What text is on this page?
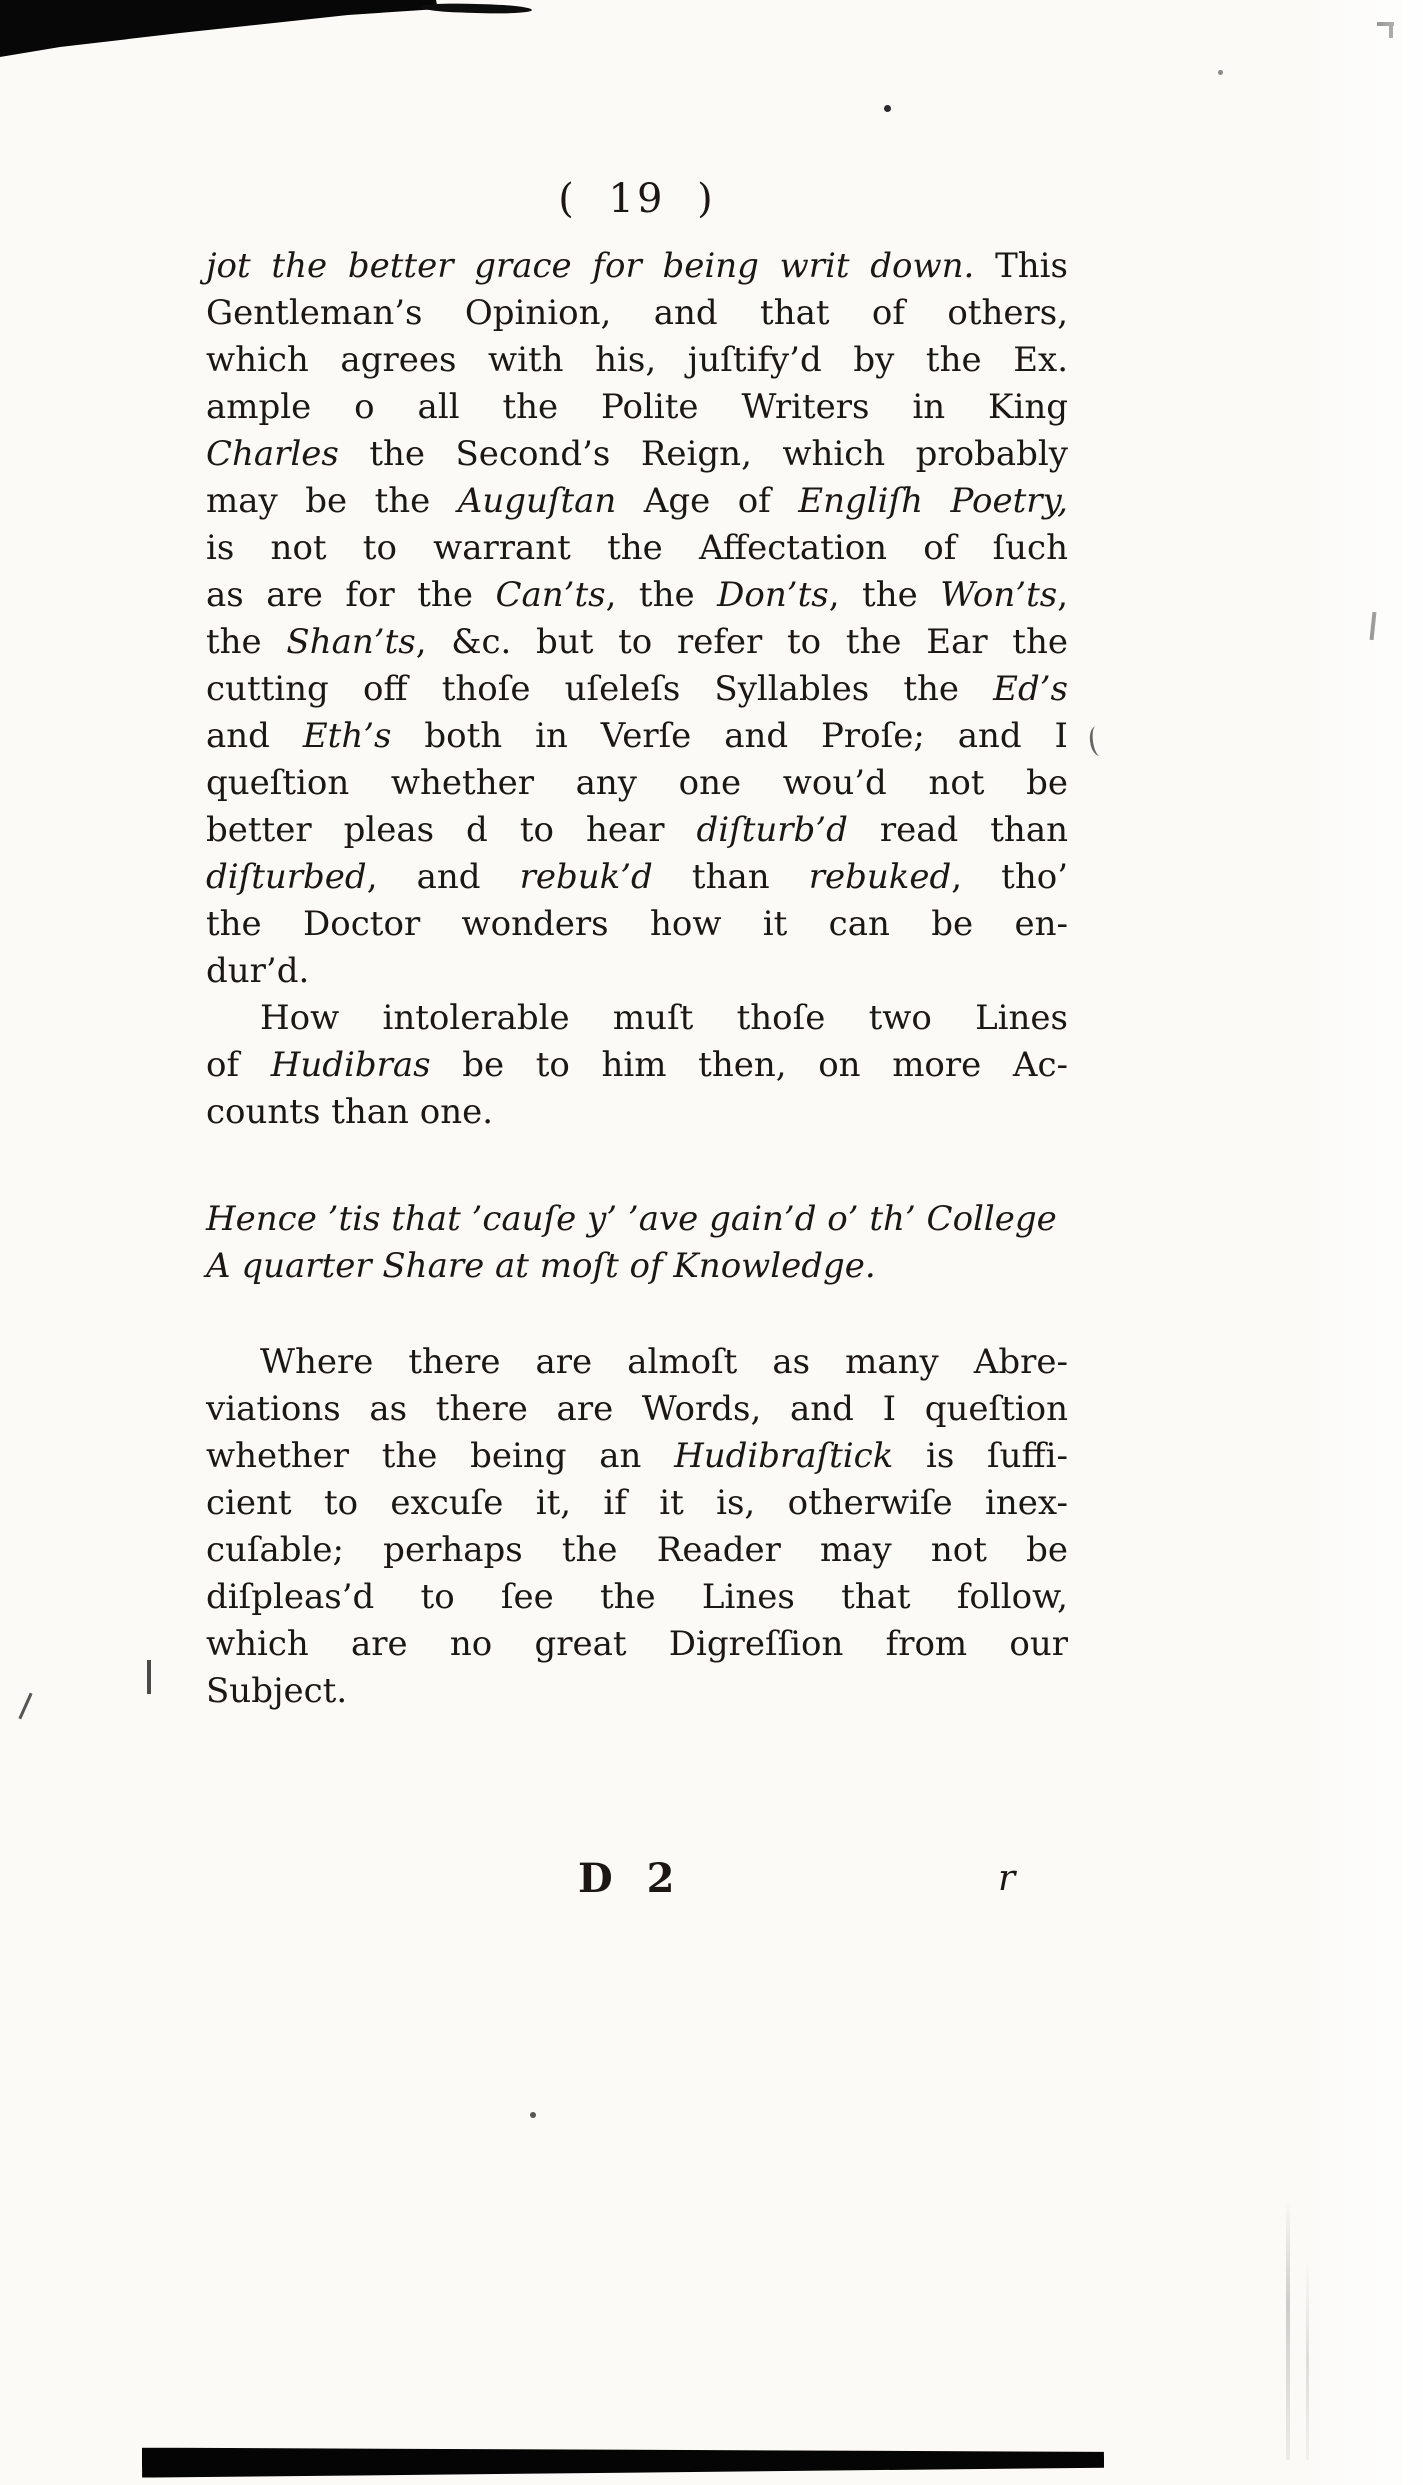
( 19 )
jot the better grace for being writ down. This
Gentleman’s Opinion, and that of others,
which agrees with his, juſtify’d by the Ex.
ample o all the Polite Writers in King
Charles the Second’s Reign, which probably
may be the Auguſtan Age of Engliſh Poetry,
is not to warrant the Affectation of ſuch
as are for the Can’ts, the Don’ts, the Won’ts,
the Shan’ts, &c. but to refer to the Ear the
cutting off thoſe uſeleſs Syllables the Ed’s
and Eth’s both in Verſe and Proſe; and I
queſtion whether any one wou’d not be
better pleas d to hear diſturb’d read than
diſturbed, and rebuk’d than rebuked, tho’
the Doctor wonders how it can be en-
dur’d.
How intolerable muſt thoſe two Lines
of Hudibras be to him then, on more Ac-
counts than one.
Hence ’tis that ’cauſe y’ ’ave gain’d o’ th’ College
A quarter Share at moſt of Knowledge.
Where there are almoſt as many Abre-
viations as there are Words, and I queſtion
whether the being an Hudibraſtick is ſuffi-
cient to excuſe it, if it is, otherwiſe inex-
cuſable; perhaps the Reader may not be
diſpleas’d to ſee the Lines that follow,
which are no great Digreſſion from our
Subject.
D 2	r
